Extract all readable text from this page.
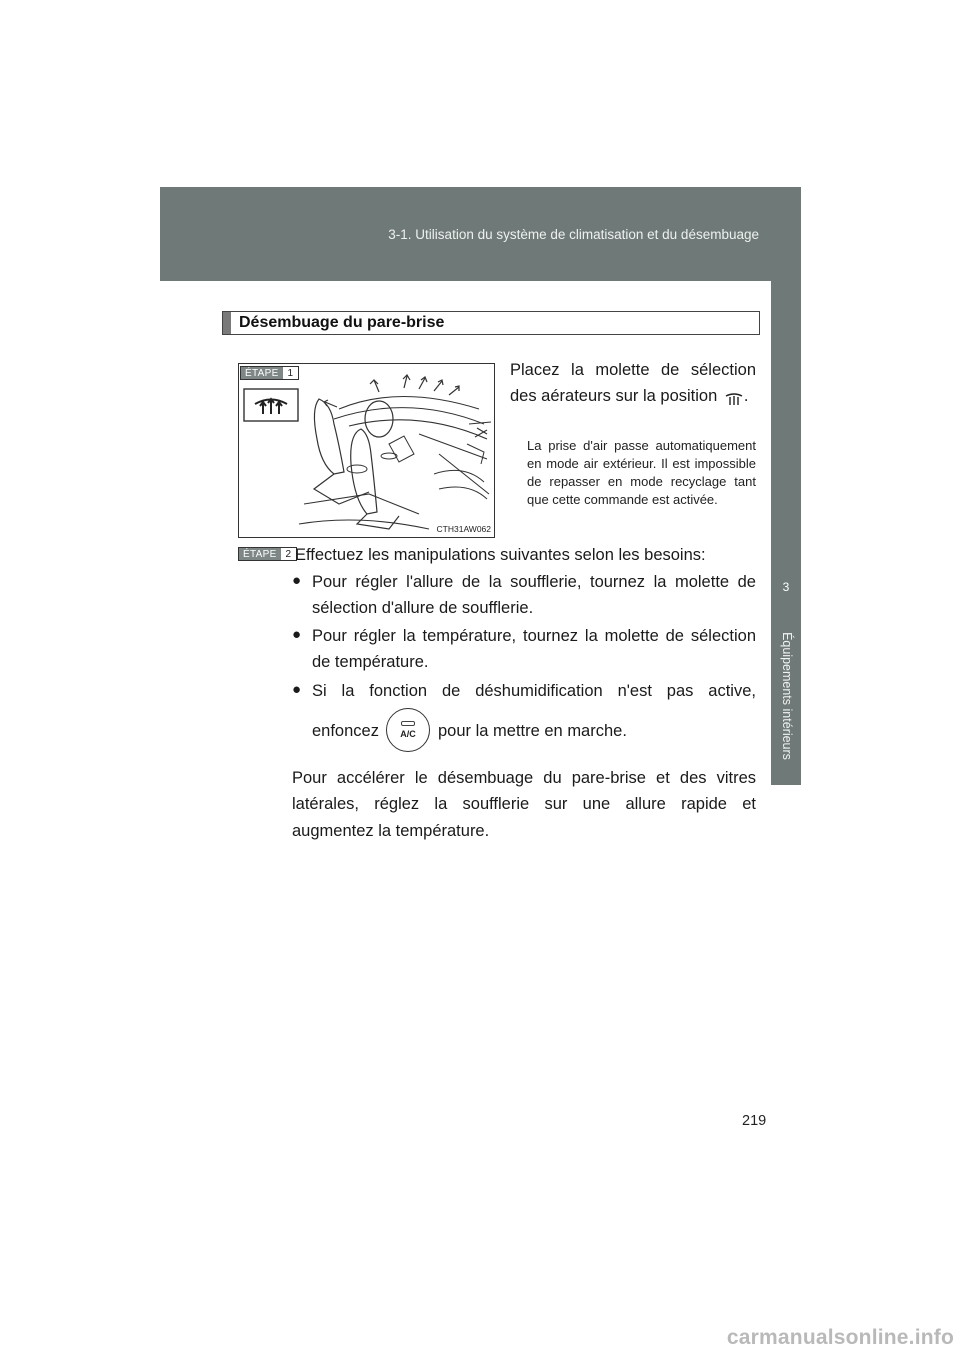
3-1. Utilisation du système de climatisation et du désembuage
3
Équipements intérieurs
Désembuage du pare-brise
ÉTAPE 1
CTH31AW062
Placez la molette de sélection des aérateurs sur la position .
La prise d'air passe automatiquement en mode air extérieur. Il est impossible de repasser en mode recyclage tant que cette commande est activée.
ÉTAPE 2 Effectuez les manipulations suivantes selon les besoins:
● Pour régler l'allure de la soufflerie, tournez la molette de sélection d'allure de soufflerie.
● Pour régler la température, tournez la molette de sélection de température.
● Si la fonction de déshumidification n'est pas active,
enfoncez A/C pour la mettre en marche.
Pour accélérer le désembuage du pare-brise et des vitres latérales, réglez la soufflerie sur une allure rapide et augmentez la température.
219
carmanualsonline.info
